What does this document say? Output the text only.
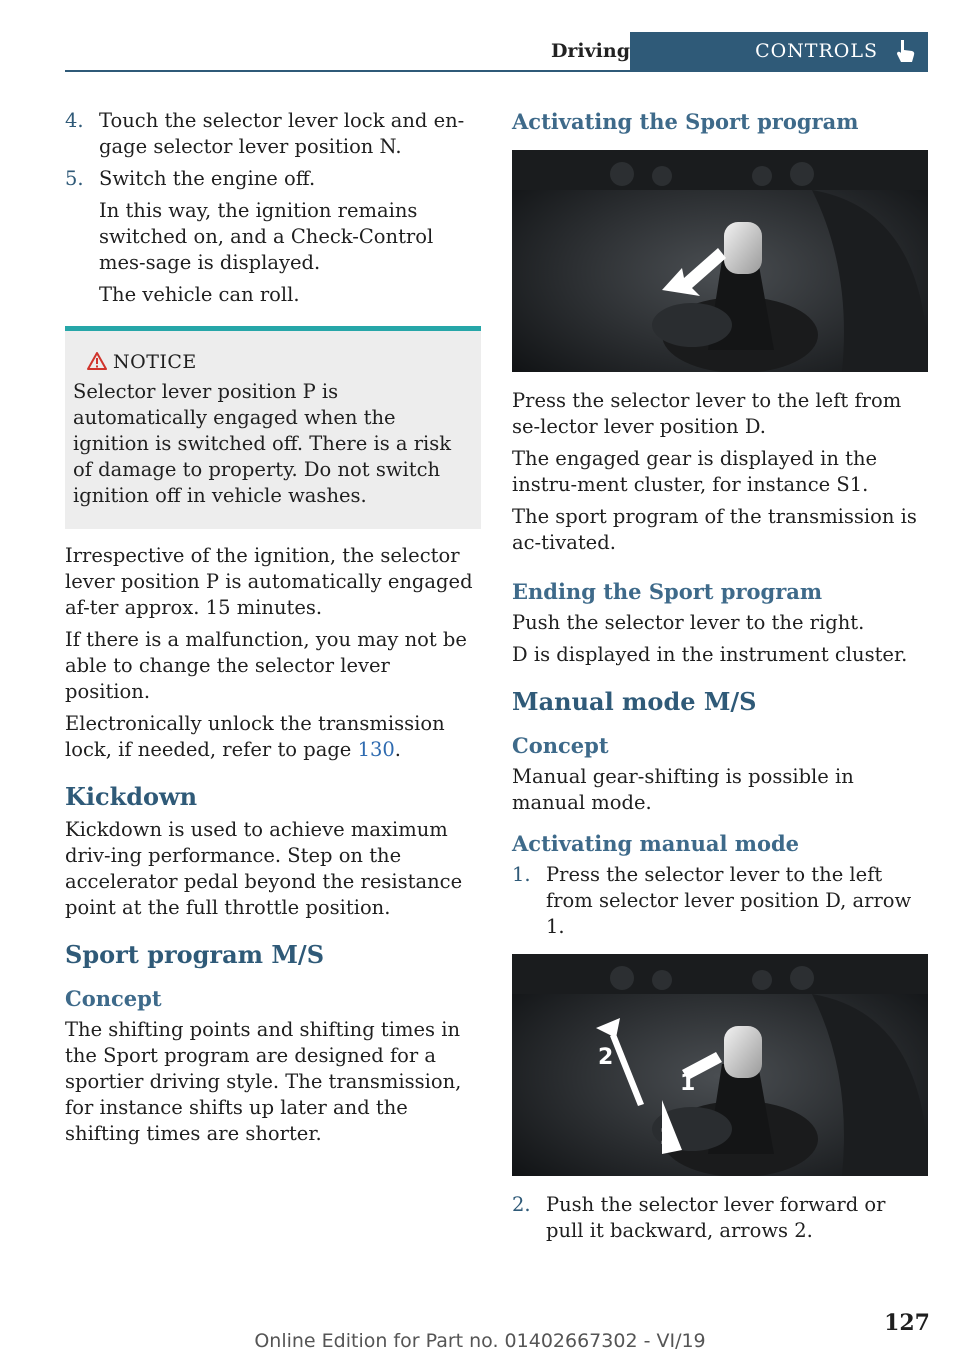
Driving	CONTROLS
4. Touch the selector lever lock and en-gage selector lever position N.
5. Switch the engine off.

In this way, the ignition remains switched on, and a Check-Control mes-sage is displayed.

The vehicle can roll.

NOTICE
Selector lever position P is automatically engaged when the ignition is switched off. There is a risk of damage to property. Do not switch ignition off in vehicle washes.

Irrespective of the ignition, the selector lever position P is automatically engaged af-ter approx. 15 minutes.

If there is a malfunction, you may not be able to change the selector lever position.

Electronically unlock the transmission lock, if needed, refer to page 130.

Kickdown

Kickdown is used to achieve maximum driv-ing performance. Step on the accelerator pedal beyond the resistance point at the full throttle position.

Sport program M/S
Concept

The shifting points and shifting times in the Sport program are designed for a sportier driving style. The transmission, for instance shifts up later and the shifting times are shorter.

Activating the Sport program

Press the selector lever to the left from se-lector lever position D.

The engaged gear is displayed in the instru-ment cluster, for instance S1.

The sport program of the transmission is ac-tivated.

Ending the Sport program

Push the selector lever to the right.

D is displayed in the instrument cluster.

Manual mode M/S
Concept

Manual gear-shifting is possible in manual mode.

Activating manual mode
1. Press the selector lever to the left from selector lever position D, arrow 1.
2
1
2
2. Push the selector lever forward or pull it backward, arrows 2.
127
Online Edition for Part no. 01402667302 - VI/19
